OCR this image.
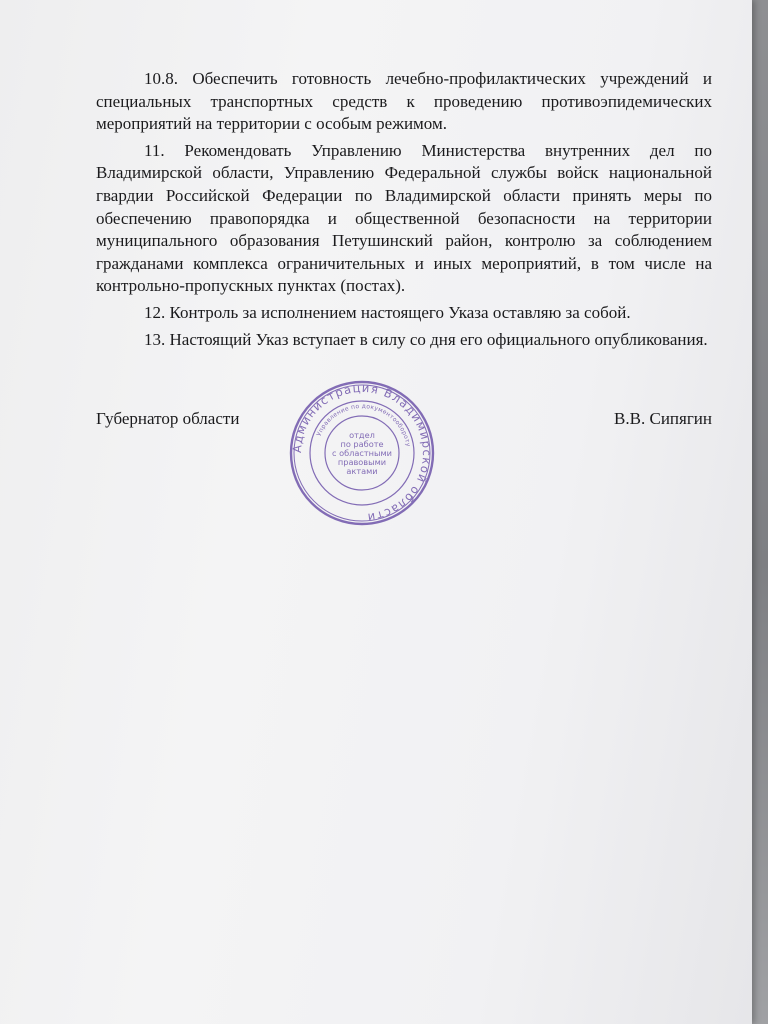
10.8. Обеспечить готовность лечебно-профилактических учреждений и специальных транспортных средств к проведению противоэпидемических мероприятий на территории с особым режимом.

11. Рекомендовать Управлению Министерства внутренних дел по Владимирской области, Управлению Федеральной службы войск национальной гвардии Российской Федерации по Владимирской области принять меры по обеспечению правопорядка и общественной безопасности на территории муниципального образования Петушинский район, контролю за соблюдением гражданами комплекса ограничительных и иных мероприятий, в том числе на контрольно-пропускных пунктах (постах).

12. Контроль за исполнением настоящего Указа оставляю за собой.

13. Настоящий Указ вступает в силу со дня его официального опубликования.

Губернатор области	В.В. Сипягин
Администрация Владимирской области
Управление по документообороту
отдел
по работе
с областными
правовыми
актами
